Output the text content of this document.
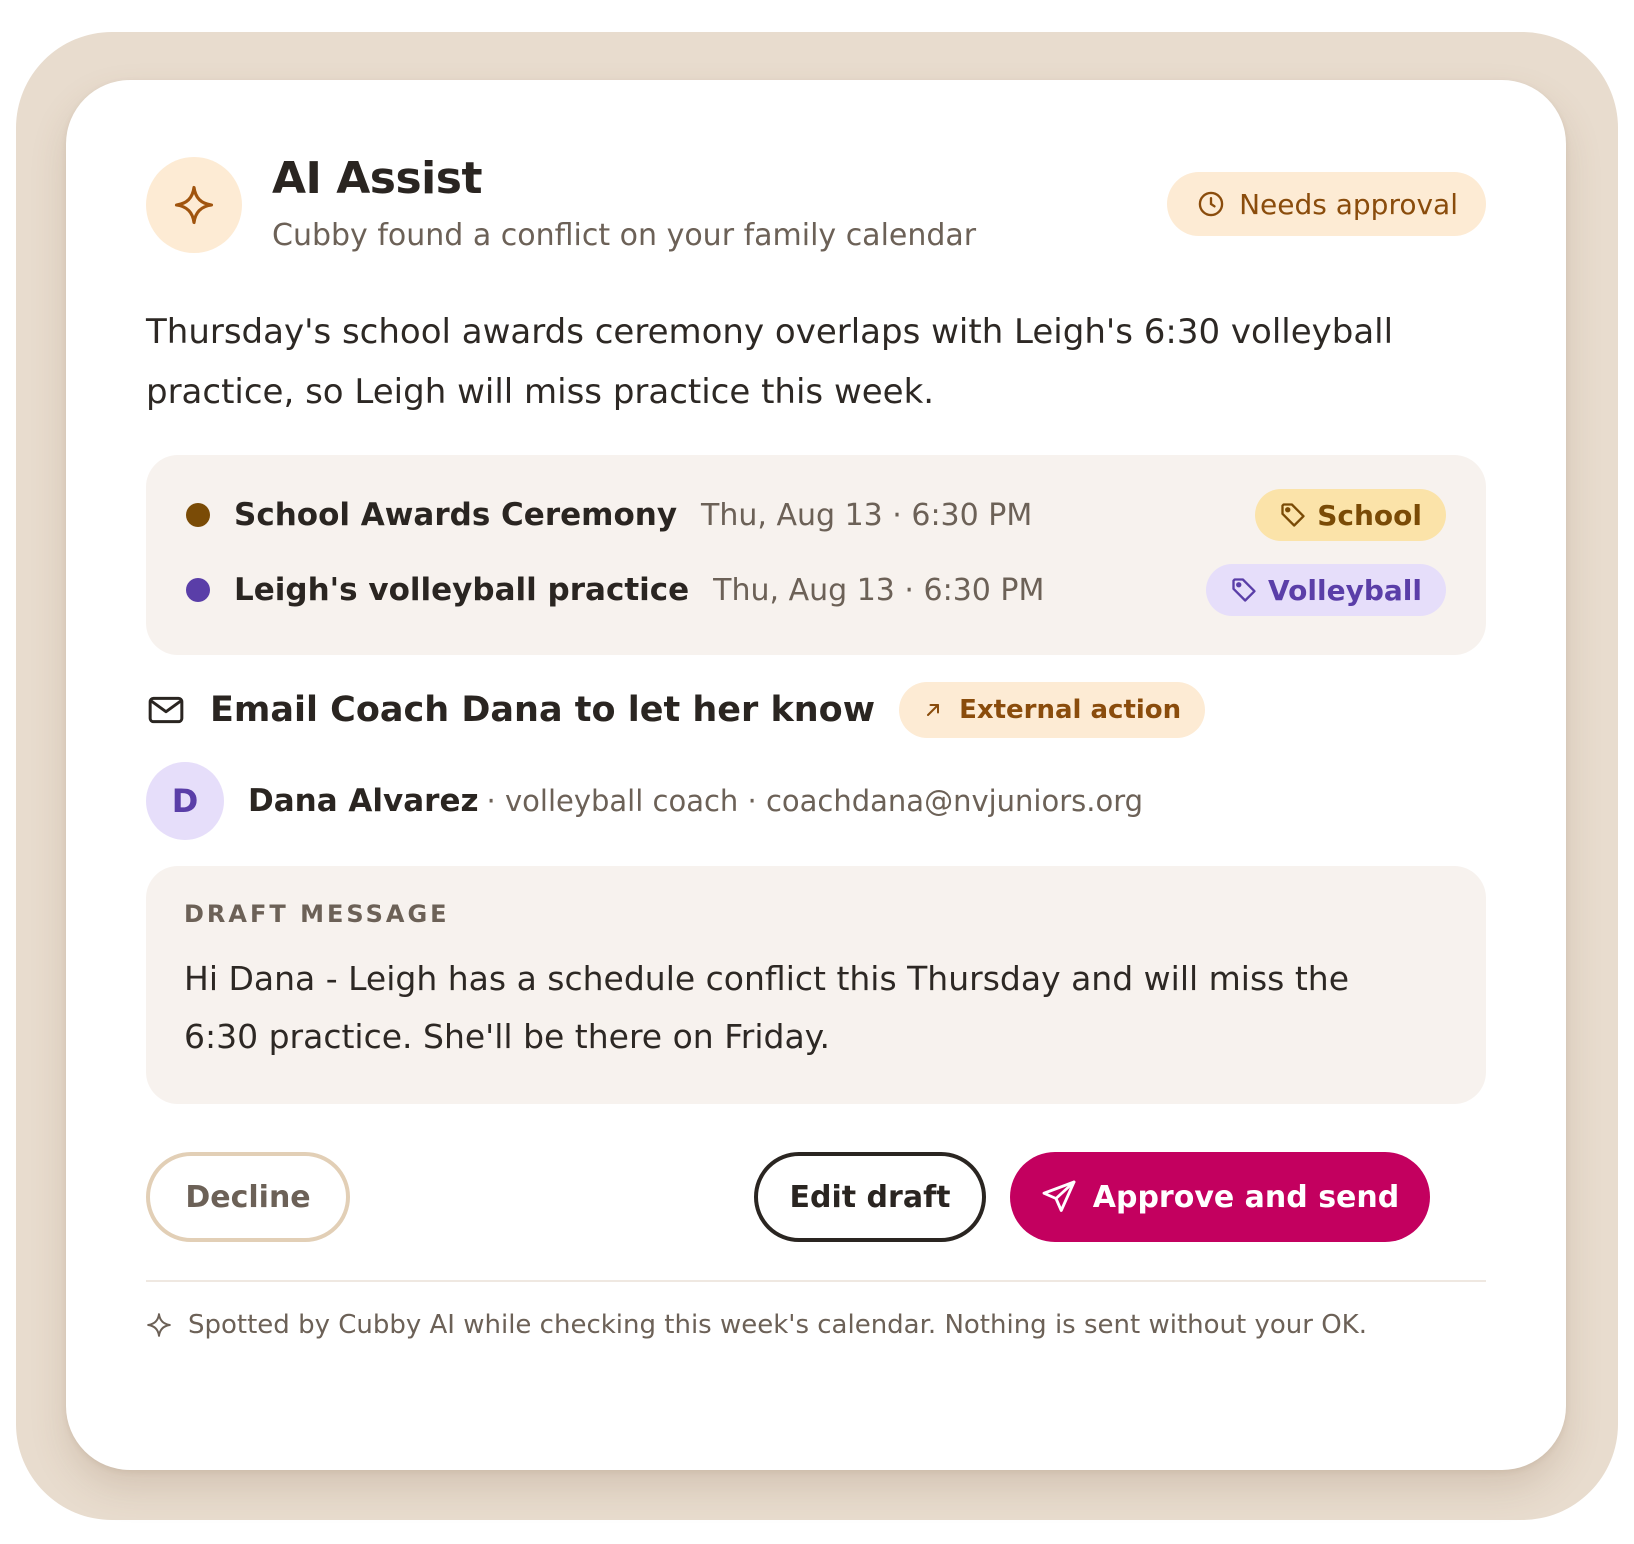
AI Assist
Cubby found a conflict on your family calendar
Needs approval
Thursday's school awards ceremony overlaps with Leigh's 6:30 volleyball practice, so Leigh will miss practice this week.
School Awards Ceremony Thu, Aug 13 · 6:30 PM	School
Leigh's volleyball practice Thu, Aug 13 · 6:30 PM	Volleyball
Email Coach Dana to let her know	External action
D	Dana Alvarez · volleyball coach · coachdana@nvjuniors.org
DRAFT MESSAGE
Hi Dana - Leigh has a schedule conflict this Thursday and will miss the 6:30 practice. She'll be there on Friday.
Decline	Edit draft	Approve and send
Spotted by Cubby AI while checking this week's calendar. Nothing is sent without your OK.
